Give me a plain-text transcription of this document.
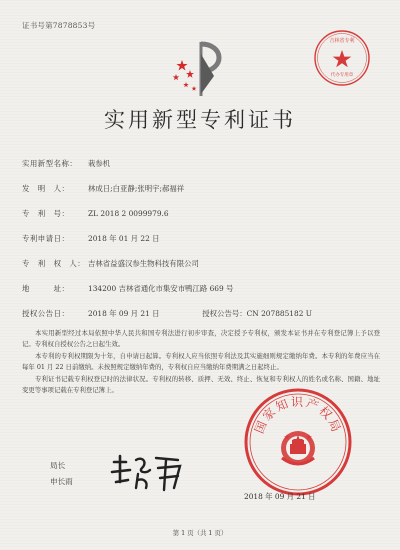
证书号第7878853号
吉林省专利
代办专用章
实用新型专利证书
实用新型名称： 栽参机
发　明　人：	林成日;白亚静;张明宇;郝福祥
专　利　号：	ZL 2018 2 0099979.6
专利申请日：	2018 年 01 月 22 日
专　利　权　人： 吉林省益盛汉参生物科技有限公司
地　　　址：	134200 吉林省通化市集安市鸭江路 669 号
授权公告日：	2018 年 09 月 21 日	授权公告号：CN 207885182 U

本实用新型经过本局依照中华人民共和国专利法进行初步审查，决定授予专利权，颁发本证书并在专利登记簿上予以登记。专利权自授权公告之日起生效。

本专利的专利权期限为十年，自申请日起算。专利权人应当依照专利法及其实施细则规定缴纳年费。本专利的年费应当在每年 01 月 22 日前缴纳。未按照规定缴纳年费的，专利权自应当缴纳年费期满之日起终止。

专利证书记载专利权登记时的法律状况。专利权的转移、质押、无效、终止、恢复和专利权人的姓名或名称、国籍、地址变更等事项记载在专利登记簿上。

局长
申长雨
国家知识产权局
2018 年 09 月 21 日
第 1 页（共 1 页）
